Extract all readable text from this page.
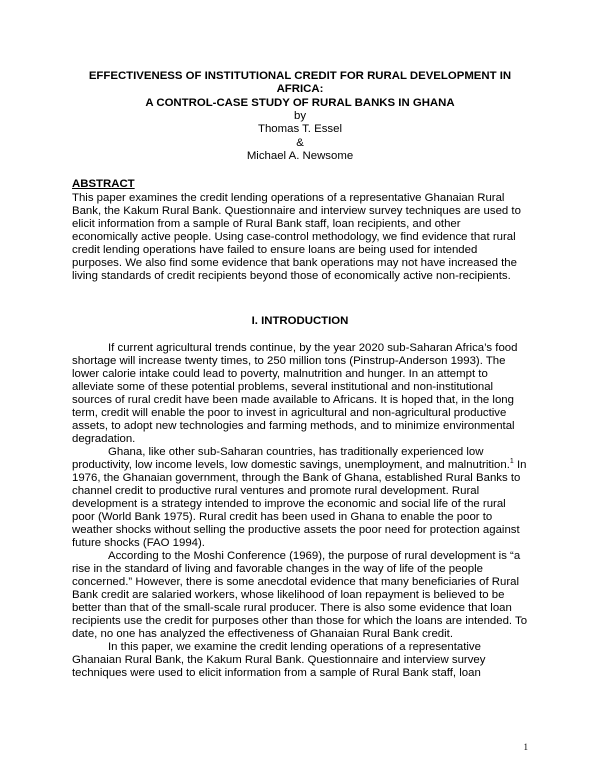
EFFECTIVENESS OF INSTITUTIONAL CREDIT FOR RURAL DEVELOPMENT IN
AFRICA:
A CONTROL-CASE STUDY OF RURAL BANKS IN GHANA
by
Thomas T. Essel
&
Michael A. Newsome
ABSTRACT
This paper examines the credit lending operations of a representative Ghanaian Rural Bank, the Kakum Rural Bank. Questionnaire and interview survey techniques are used to elicit information from a sample of Rural Bank staff, loan recipients, and other economically active people. Using case-control methodology, we find evidence that rural credit lending operations have failed to ensure loans are being used for intended purposes. We also find some evidence that bank operations may not have increased the living standards of credit recipients beyond those of economically active non-recipients.
I. INTRODUCTION

If current agricultural trends continue, by the year 2020 sub-Saharan Africa’s food shortage will increase twenty times, to 250 million tons (Pinstrup-Anderson 1993). The lower calorie intake could lead to poverty, malnutrition and hunger. In an attempt to alleviate some of these potential problems, several institutional and non-institutional sources of rural credit have been made available to Africans. It is hoped that, in the long term, credit will enable the poor to invest in agricultural and non-agricultural productive assets, to adopt new technologies and farming methods, and to minimize environmental degradation.

Ghana, like other sub-Saharan countries, has traditionally experienced low productivity, low income levels, low domestic savings, unemployment, and malnutrition.$^1$ In 1976, the Ghanaian government, through the Bank of Ghana, established Rural Banks to channel credit to productive rural ventures and promote rural development. Rural development is a strategy intended to improve the economic and social life of the rural poor (World Bank 1975). Rural credit has been used in Ghana to enable the poor to weather shocks without selling the productive assets the poor need for protection against future shocks (FAO 1994).

According to the Moshi Conference (1969), the purpose of rural development is “a rise in the standard of living and favorable changes in the way of life of the people concerned.” However, there is some anecdotal evidence that many beneficiaries of Rural Bank credit are salaried workers, whose likelihood of loan repayment is believed to be better than that of the small-scale rural producer. There is also some evidence that loan recipients use the credit for purposes other than those for which the loans are intended. To date, no one has analyzed the effectiveness of Ghanaian Rural Bank credit.

In this paper, we examine the credit lending operations of a representative Ghanaian Rural Bank, the Kakum Rural Bank. Questionnaire and interview survey techniques were used to elicit information from a sample of Rural Bank staff, loan

1
